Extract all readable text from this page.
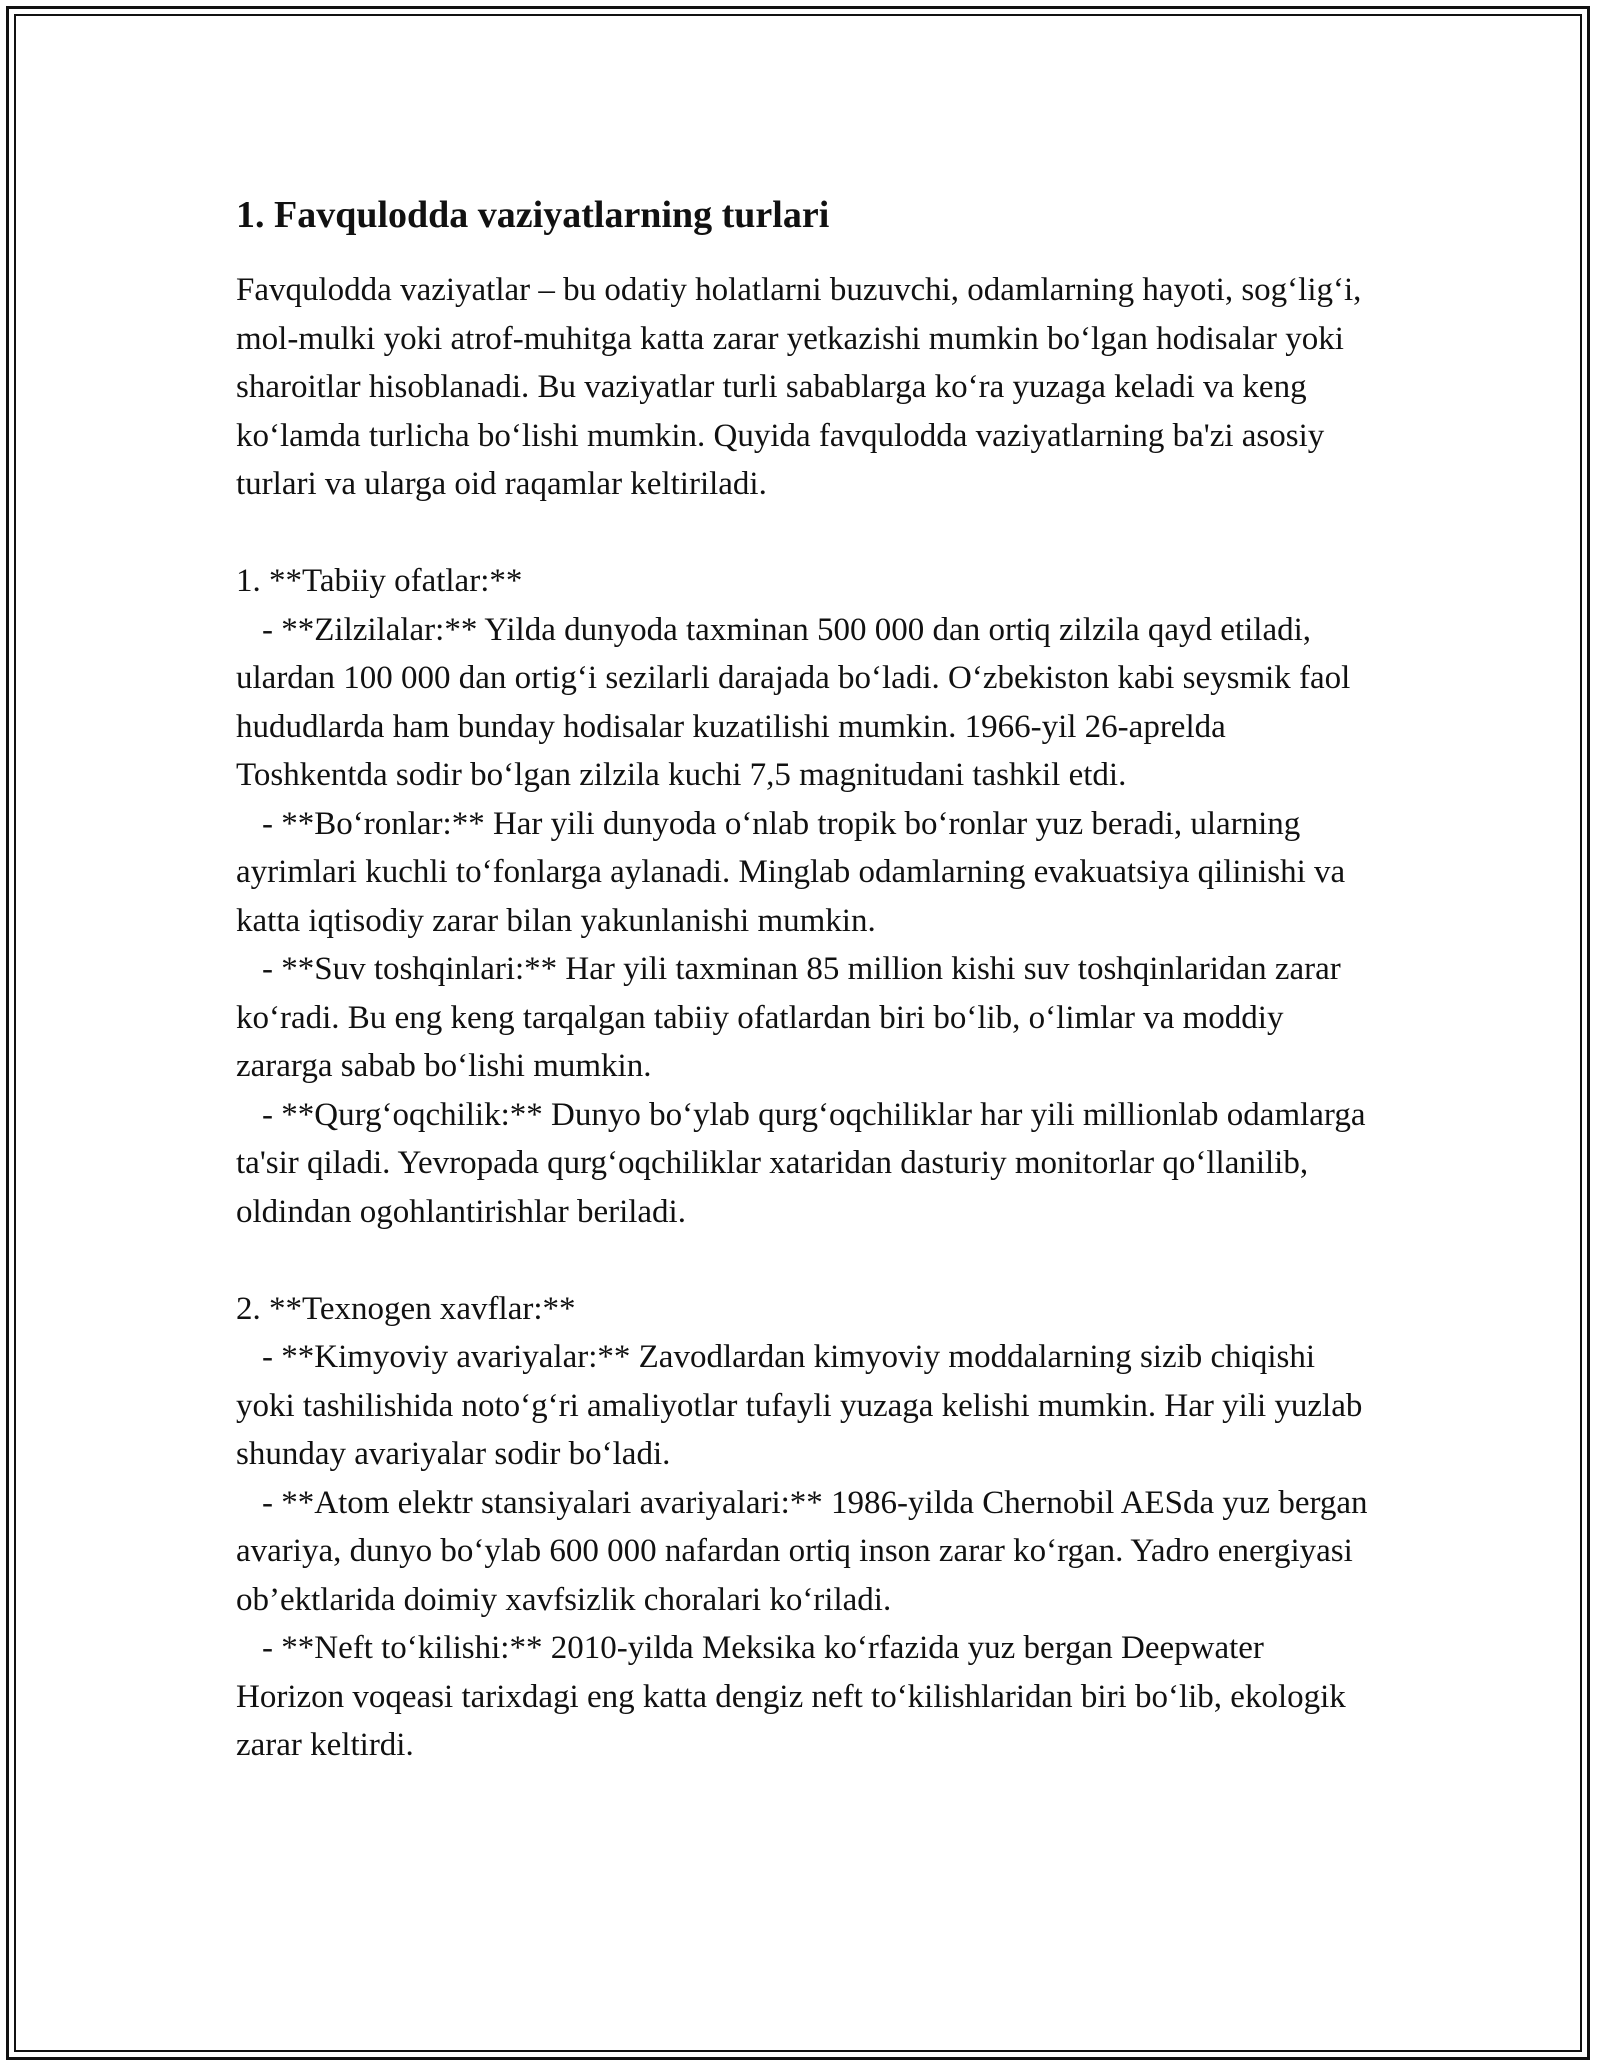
1. Favqulodda vaziyatlarning turlari

Favqulodda vaziyatlar – bu odatiy holatlarni buzuvchi, odamlarning hayoti, sog‘lig‘i, mol-mulki yoki atrof-muhitga katta zarar yetkazishi mumkin bo‘lgan hodisalar yoki sharoitlar hisoblanadi. Bu vaziyatlar turli sabablarga ko‘ra yuzaga keladi va keng ko‘lamda turlicha bo‘lishi mumkin. Quyida favqulodda vaziyatlarning ba'zi asosiy turlari va ularga oid raqamlar keltiriladi.

1. **Tabiiy ofatlar:**

- **Zilzilalar:** Yilda dunyoda taxminan 500 000 dan ortiq zilzila qayd etiladi, ulardan 100 000 dan ortig‘i sezilarli darajada bo‘ladi. O‘zbekiston kabi seysmik faol hududlarda ham bunday hodisalar kuzatilishi mumkin. 1966-yil 26-aprelda Toshkentda sodir bo‘lgan zilzila kuchi 7,5 magnitudani tashkil etdi.

- **Bo‘ronlar:** Har yili dunyoda o‘nlab tropik bo‘ronlar yuz beradi, ularning ayrimlari kuchli to‘fonlarga aylanadi. Minglab odamlarning evakuatsiya qilinishi va katta iqtisodiy zarar bilan yakunlanishi mumkin.

- **Suv toshqinlari:** Har yili taxminan 85 million kishi suv toshqinlaridan zarar ko‘radi. Bu eng keng tarqalgan tabiiy ofatlardan biri bo‘lib, o‘limlar va moddiy zararga sabab bo‘lishi mumkin.

- **Qurg‘oqchilik:** Dunyo bo‘ylab qurg‘oqchiliklar har yili millionlab odamlarga ta'sir qiladi. Yevropada qurg‘oqchiliklar xataridan dasturiy monitorlar qo‘llanilib, oldindan ogohlantirishlar beriladi.

2. **Texnogen xavflar:**

- **Kimyoviy avariyalar:** Zavodlardan kimyoviy moddalarning sizib chiqishi yoki tashilishida noto‘g‘ri amaliyotlar tufayli yuzaga kelishi mumkin. Har yili yuzlab shunday avariyalar sodir bo‘ladi.

- **Atom elektr stansiyalari avariyalari:** 1986-yilda Chernobil AESda yuz bergan avariya, dunyo bo‘ylab 600 000 nafardan ortiq inson zarar ko‘rgan. Yadro energiyasi ob’ektlarida doimiy xavfsizlik choralari ko‘riladi.

- **Neft to‘kilishi:** 2010-yilda Meksika ko‘rfazida yuz bergan Deepwater Horizon voqeasi tarixdagi eng katta dengiz neft to‘kilishlaridan biri bo‘lib, ekologik zarar keltirdi.
